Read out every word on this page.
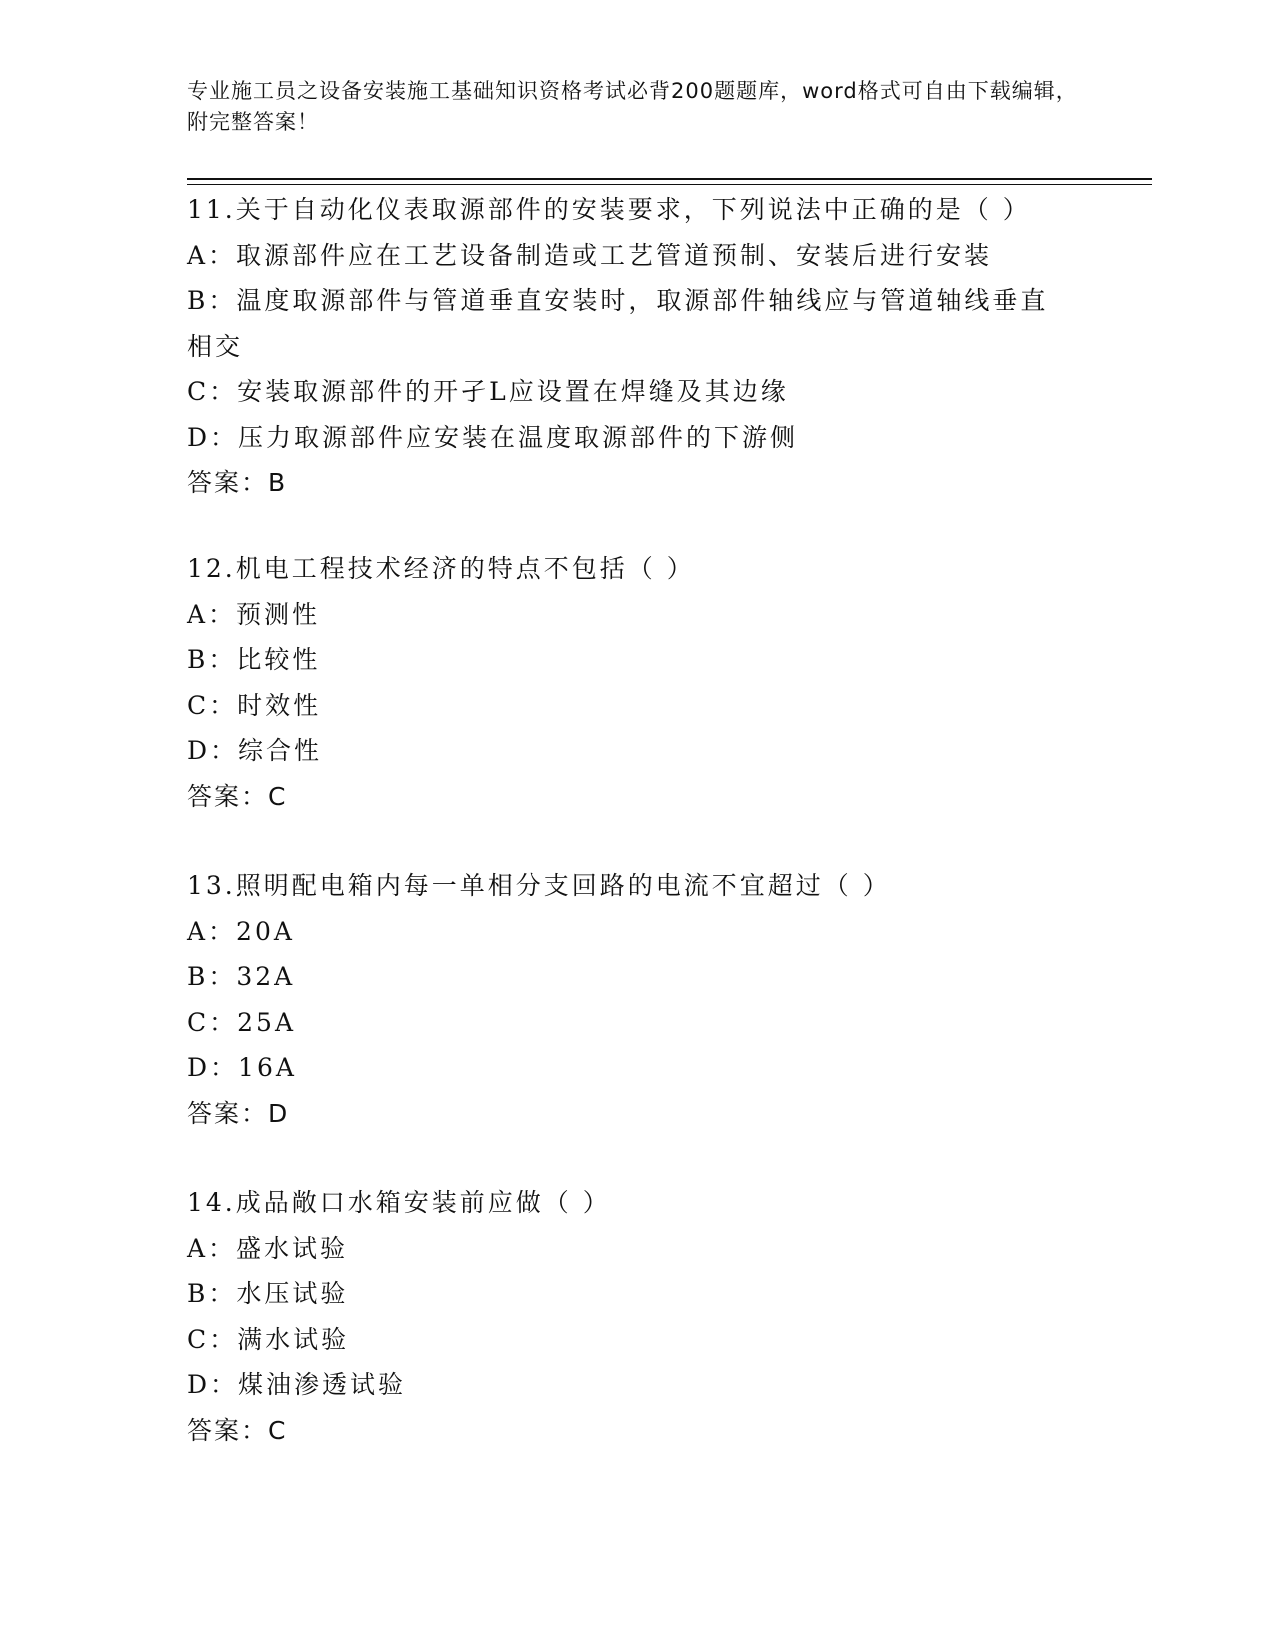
专业施工员之设备安装施工基础知识资格考试必背200题题库，word格式可自由下载编辑，附完整答案！
11.关于自动化仪表取源部件的安装要求，下列说法中正确的是（ ）
A：取源部件应在工艺设备制造或工艺管道预制、安装后进行安装
B：温度取源部件与管道垂直安装时，取源部件轴线应与管道轴线垂直相交
C：安装取源部件的开孑L应设置在焊缝及其边缘
D：压力取源部件应安装在温度取源部件的下游侧
答案：B
12.机电工程技术经济的特点不包括（ ）
A：预测性
B：比较性
C：时效性
D：综合性
答案：C
13.照明配电箱内每一单相分支回路的电流不宜超过（ ）
A：20A
B：32A
C：25A
D：16A
答案：D
14.成品敞口水箱安装前应做（ ）
A：盛水试验
B：水压试验
C：满水试验
D：煤油渗透试验
答案：C
